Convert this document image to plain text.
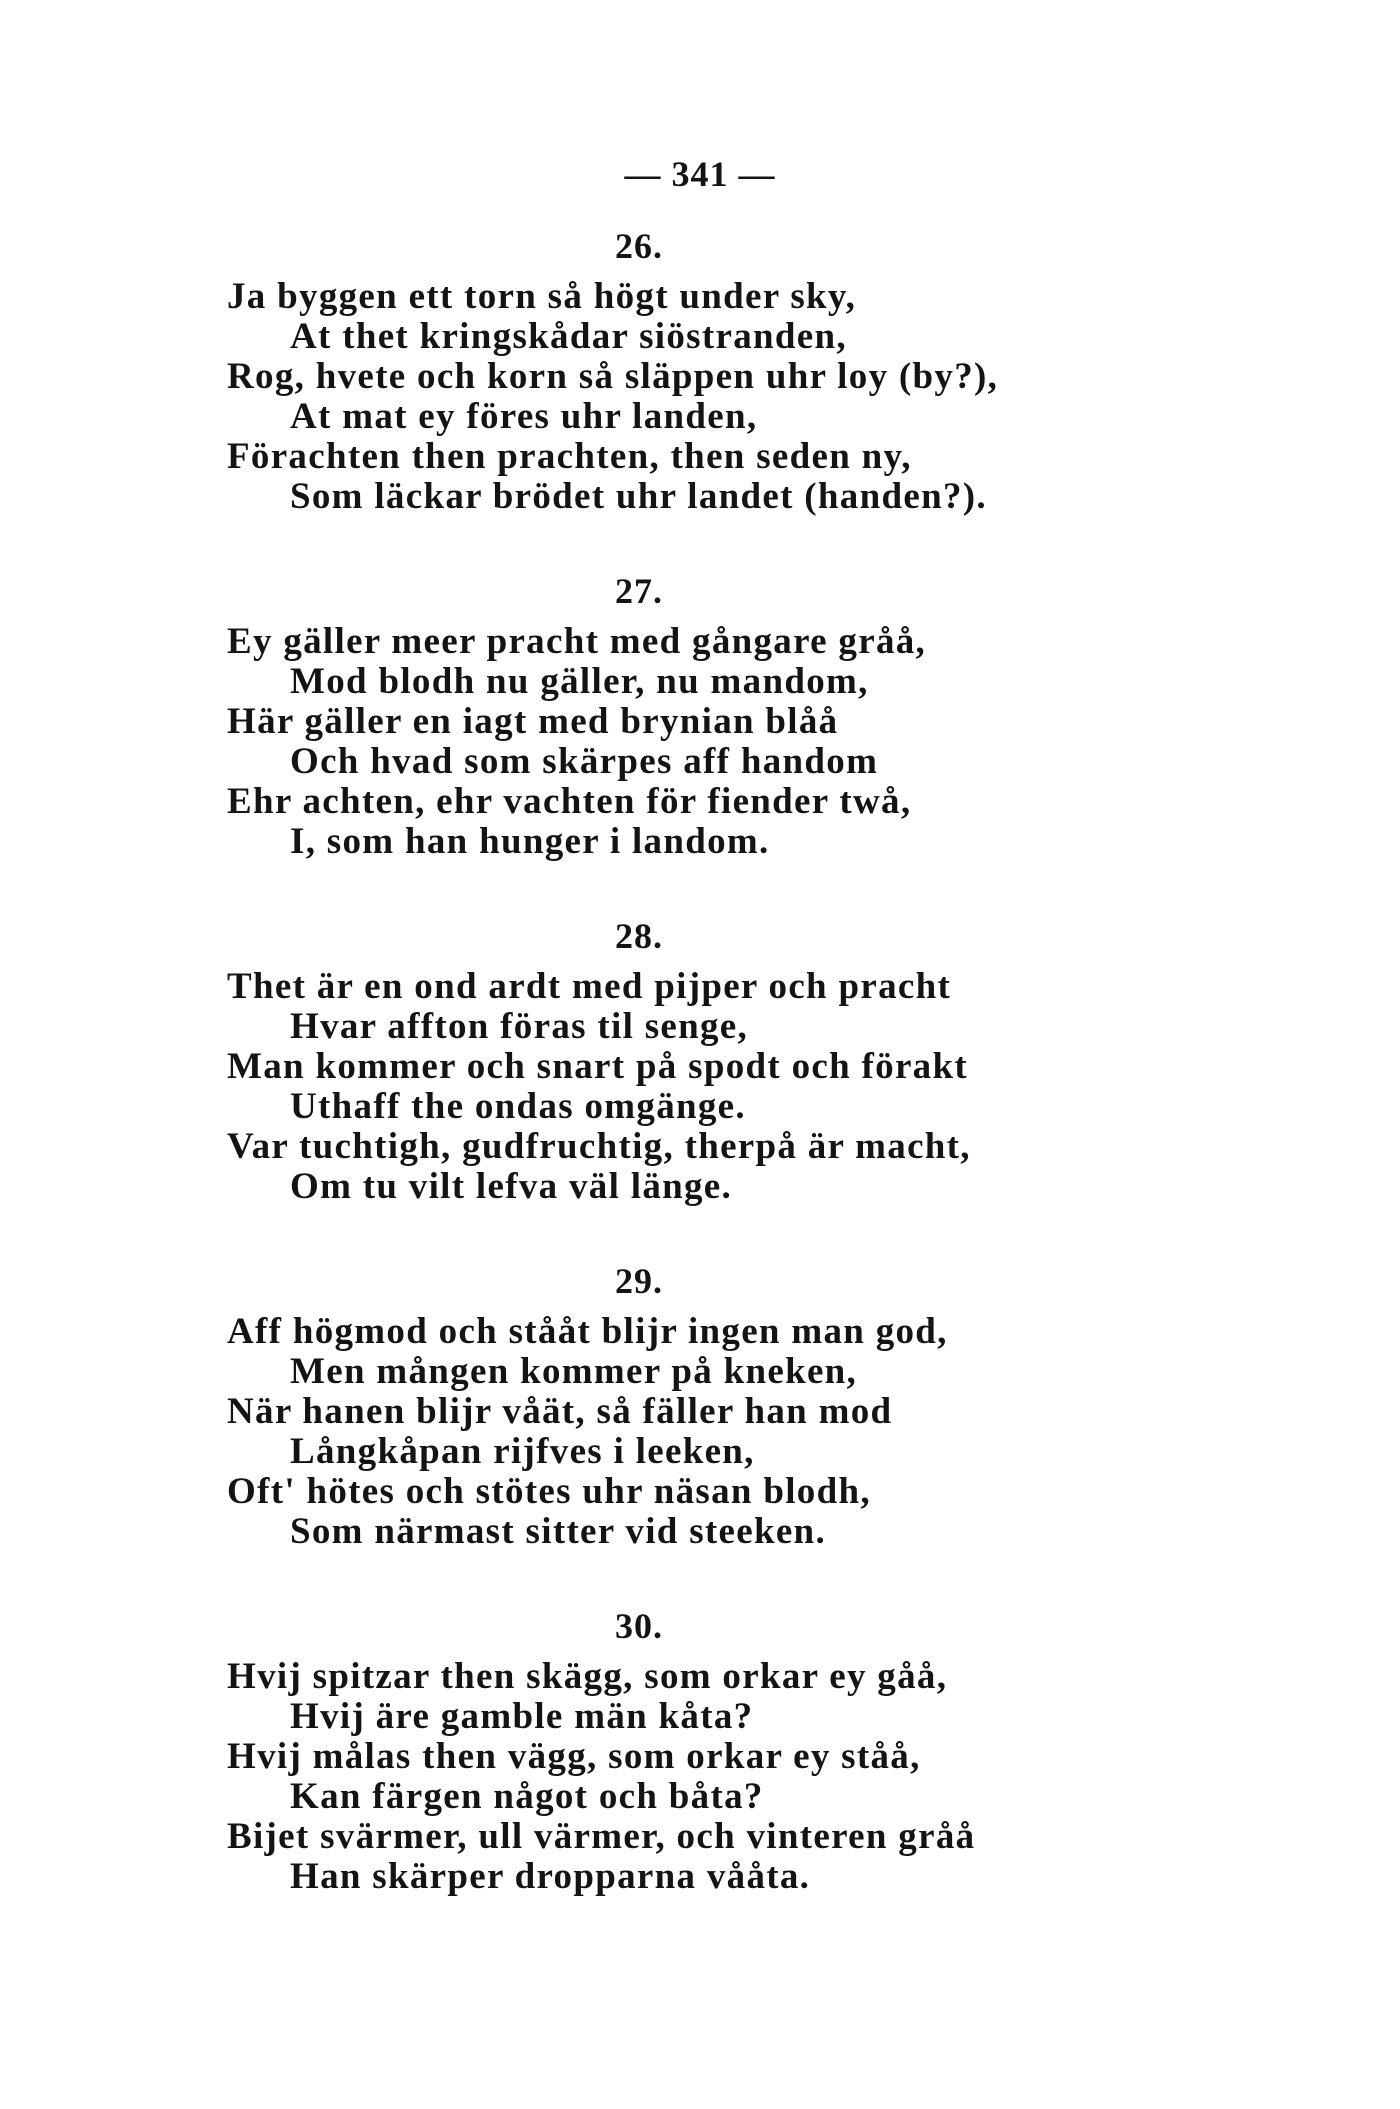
— 341 —
26.
Ja byggen ett torn så högt under sky,
At thet kringskådar siöstranden,
Rog, hvete och korn så släppen uhr loy (by?),
At mat ey föres uhr landen,
Förachten then prachten, then seden ny,
Som läckar brödet uhr landet (handen?).
27.
Ey gäller meer pracht med gångare gråå,
Mod blodh nu gäller, nu mandom,
Här gäller en iagt med brynian blåå
Och hvad som skärpes aff handom
Ehr achten, ehr vachten för fiender twå,
I, som han hunger i landom.
28.
Thet är en ond ardt med pijper och pracht
Hvar affton föras til senge,
Man kommer och snart på spodt och förakt
Uthaff the ondas omgänge.
Var tuchtigh, gudfruchtig, therpå är macht,
Om tu vilt lefva väl länge.
29.
Aff högmod och stååt blijr ingen man god,
Men mången kommer på kneken,
När hanen blijr våät, så fäller han mod
Långkåpan rijfves i leeken,
Oft' hötes och stötes uhr näsan blodh,
Som närmast sitter vid steeken.
30.
Hvij spitzar then skägg, som orkar ey gåå,
Hvij äre gamble män kåta?
Hvij målas then vägg, som orkar ey ståå,
Kan färgen något och båta?
Bijet svärmer, ull värmer, och vinteren gråå
Han skärper dropparna vååta.
